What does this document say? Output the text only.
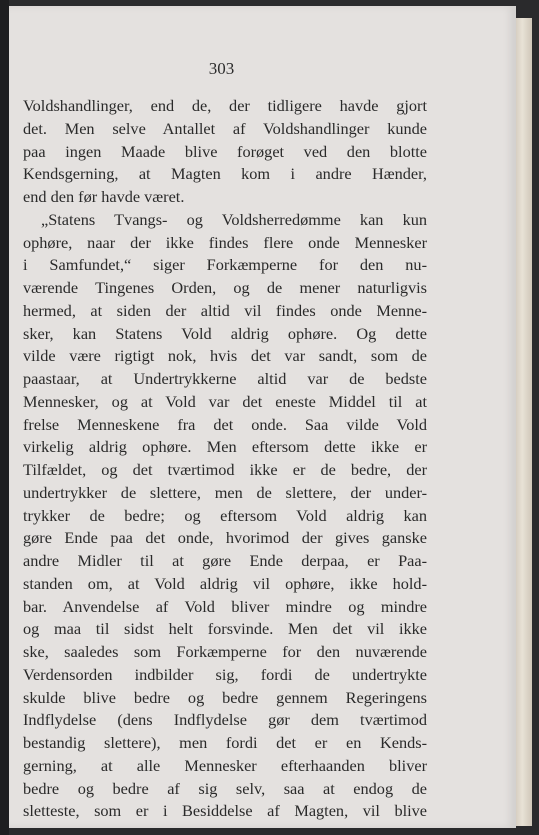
303
Voldshandlinger, end de, der tidligere havde gjort
det. Men selve Antallet af Voldshandlinger kunde
paa ingen Maade blive forøget ved den blotte
Kendsgerning, at Magten kom i andre Hænder,
end den før havde været.
„Statens Tvangs- og Voldsherredømme kan kun
ophøre, naar der ikke findes flere onde Mennesker
i Samfundet,“ siger Forkæmperne for den nu-
værende Tingenes Orden, og de mener naturligvis
hermed, at siden der altid vil findes onde Menne-
sker, kan Statens Vold aldrig ophøre. Og dette
vilde være rigtigt nok, hvis det var sandt, som de
paastaar, at Undertrykkerne altid var de bedste
Mennesker, og at Vold var det eneste Middel til at
frelse Menneskene fra det onde. Saa vilde Vold
virkelig aldrig ophøre. Men eftersom dette ikke er
Tilfældet, og det tværtimod ikke er de bedre, der
undertrykker de slettere, men de slettere, der under-
trykker de bedre; og eftersom Vold aldrig kan
gøre Ende paa det onde, hvorimod der gives ganske
andre Midler til at gøre Ende derpaa, er Paa-
standen om, at Vold aldrig vil ophøre, ikke hold-
bar. Anvendelse af Vold bliver mindre og mindre
og maa til sidst helt forsvinde. Men det vil ikke
ske, saaledes som Forkæmperne for den nuværende
Verdensorden indbilder sig, fordi de undertrykte
skulde blive bedre og bedre gennem Regeringens
Indflydelse (dens Indflydelse gør dem tværtimod
bestandig slettere), men fordi det er en Kends-
gerning, at alle Mennesker efterhaanden bliver
bedre og bedre af sig selv, saa at endog de
sletteste, som er i Besiddelse af Magten, vil blive
